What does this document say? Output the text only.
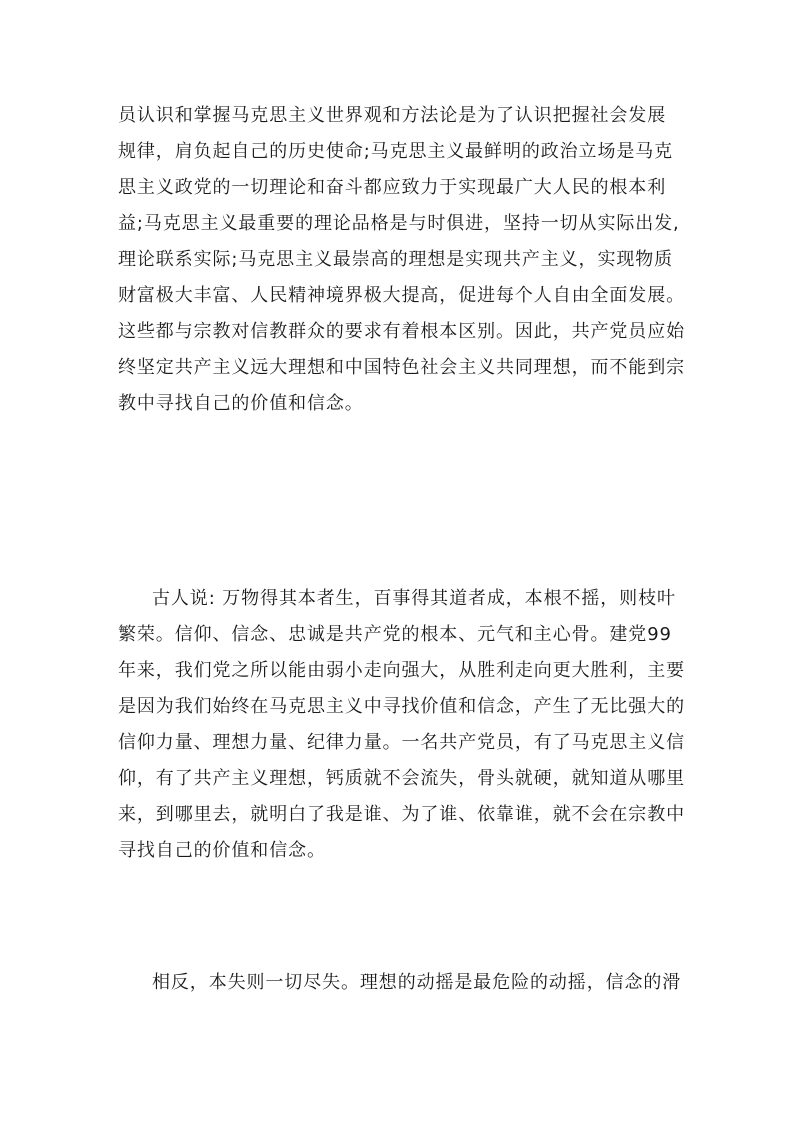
员认识和掌握马克思主义世界观和方法论是为了认识把握社会发展
规律，肩负起自己的历史使命;马克思主义最鲜明的政治立场是马克
思主义政党的一切理论和奋斗都应致力于实现最广大人民的根本利
益;马克思主义最重要的理论品格是与时俱进，坚持一切从实际出发,
理论联系实际;马克思主义最崇高的理想是实现共产主义，实现物质
财富极大丰富、人民精神境界极大提高，促进每个人自由全面发展。
这些都与宗教对信教群众的要求有着根本区别。因此，共产党员应始
终坚定共产主义远大理想和中国特色社会主义共同理想，而不能到宗
教中寻找自己的价值和信念。
古人说: 万物得其本者生，百事得其道者成，本根不摇，则枝叶
繁荣。信仰、信念、忠诚是共产党的根本、元气和主心骨。建党99
年来，我们党之所以能由弱小走向强大，从胜利走向更大胜利，主要
是因为我们始终在马克思主义中寻找价值和信念，产生了无比强大的
信仰力量、理想力量、纪律力量。一名共产党员，有了马克思主义信
仰，有了共产主义理想，钙质就不会流失，骨头就硬，就知道从哪里
来，到哪里去，就明白了我是谁、为了谁、依靠谁，就不会在宗教中
寻找自己的价值和信念。
相反，本失则一切尽失。理想的动摇是最危险的动摇，信念的滑
